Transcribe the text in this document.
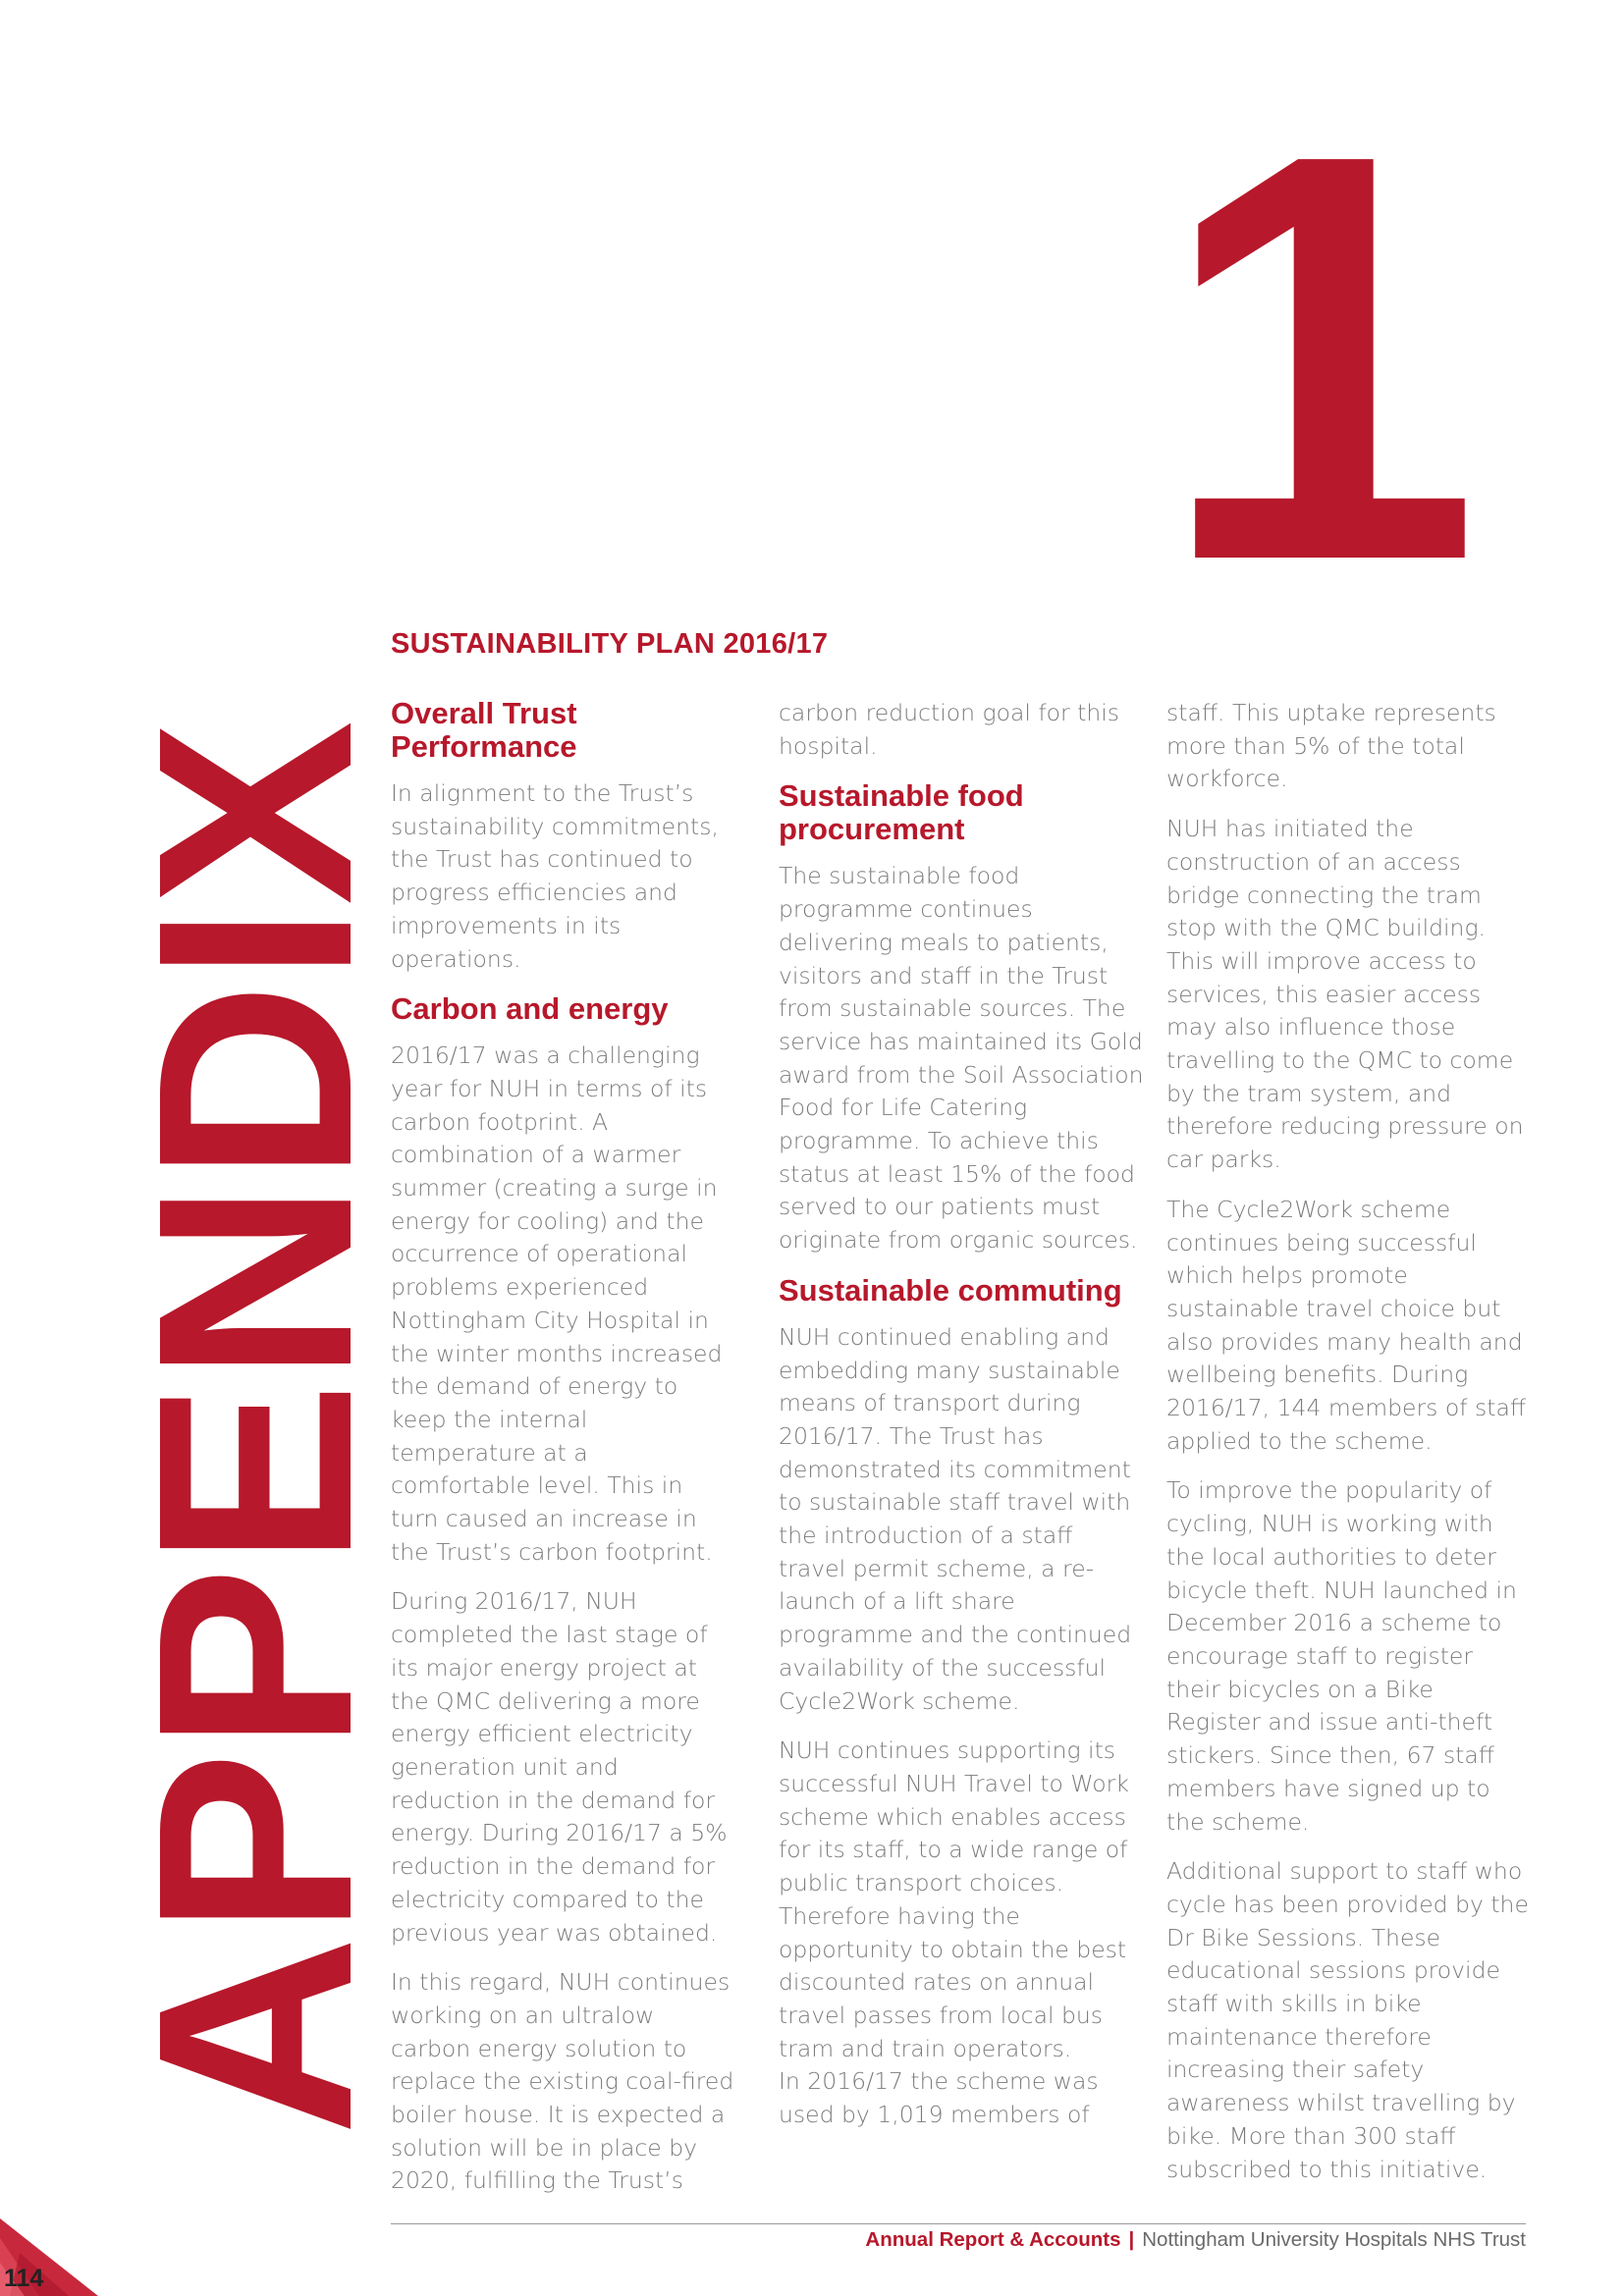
1
APPENDIX
SUSTAINABILITY PLAN 2016/17
Overall Trust Performance

In alignment to the Trust’s sustainability commitments, the Trust has continued to progress efficiencies and improvements in its operations.

Carbon and energy

2016/17 was a challenging year for NUH in terms of its carbon footprint. A combination of a warmer summer (creating a surge in energy for cooling) and the occurrence of operational problems experienced Nottingham City Hospital in the winter months increased the demand of energy to keep the internal temperature at a comfortable level. This in turn caused an increase in the Trust’s carbon footprint.

During 2016/17, NUH completed the last stage of its major energy project at the QMC delivering a more energy efficient electricity generation unit and reduction in the demand for energy. During 2016/17 a 5% reduction in the demand for electricity compared to the previous year was obtained.

In this regard, NUH continues working on an ultralow carbon energy solution to replace the existing coal-fired boiler house. It is expected a solution will be in place by 2020, fulfilling the Trust’s

carbon reduction goal for this hospital.

Sustainable food procurement

The sustainable food programme continues delivering meals to patients, visitors and staff in the Trust from sustainable sources. The service has maintained its Gold award from the Soil Association Food for Life Catering programme. To achieve this status at least 15% of the food served to our patients must originate from organic sources.

Sustainable commuting

NUH continued enabling and embedding many sustainable means of transport during 2016/17. The Trust has demonstrated its commitment to sustainable staff travel with the introduction of a staff travel permit scheme, a re-launch of a lift share programme and the continued availability of the successful Cycle2Work scheme.

NUH continues supporting its successful NUH Travel to Work scheme which enables access for its staff, to a wide range of public transport choices. Therefore having the opportunity to obtain the best discounted rates on annual travel passes from local bus tram and train operators.

In 2016/17 the scheme was used by 1,019 members of

staff. This uptake represents more than 5% of the total workforce.

NUH has initiated the construction of an access bridge connecting the tram stop with the QMC building. This will improve access to services, this easier access may also influence those travelling to the QMC to come by the tram system, and therefore reducing pressure on car parks.

The Cycle2Work scheme continues being successful which helps promote sustainable travel choice but also provides many health and wellbeing benefits. During 2016/17, 144 members of staff applied to the scheme.

To improve the popularity of cycling, NUH is working with the local authorities to deter bicycle theft. NUH launched in December 2016 a scheme to encourage staff to register their bicycles on a Bike Register and issue anti-theft stickers. Since then, 67 staff members have signed up to the scheme.

Additional support to staff who cycle has been provided by the Dr Bike Sessions. These educational sessions provide staff with skills in bike maintenance therefore increasing their safety awareness whilst travelling by bike. More than 300 staff subscribed to this initiative.

Annual Report & Accounts | Nottingham University Hospitals NHS Trust
114
